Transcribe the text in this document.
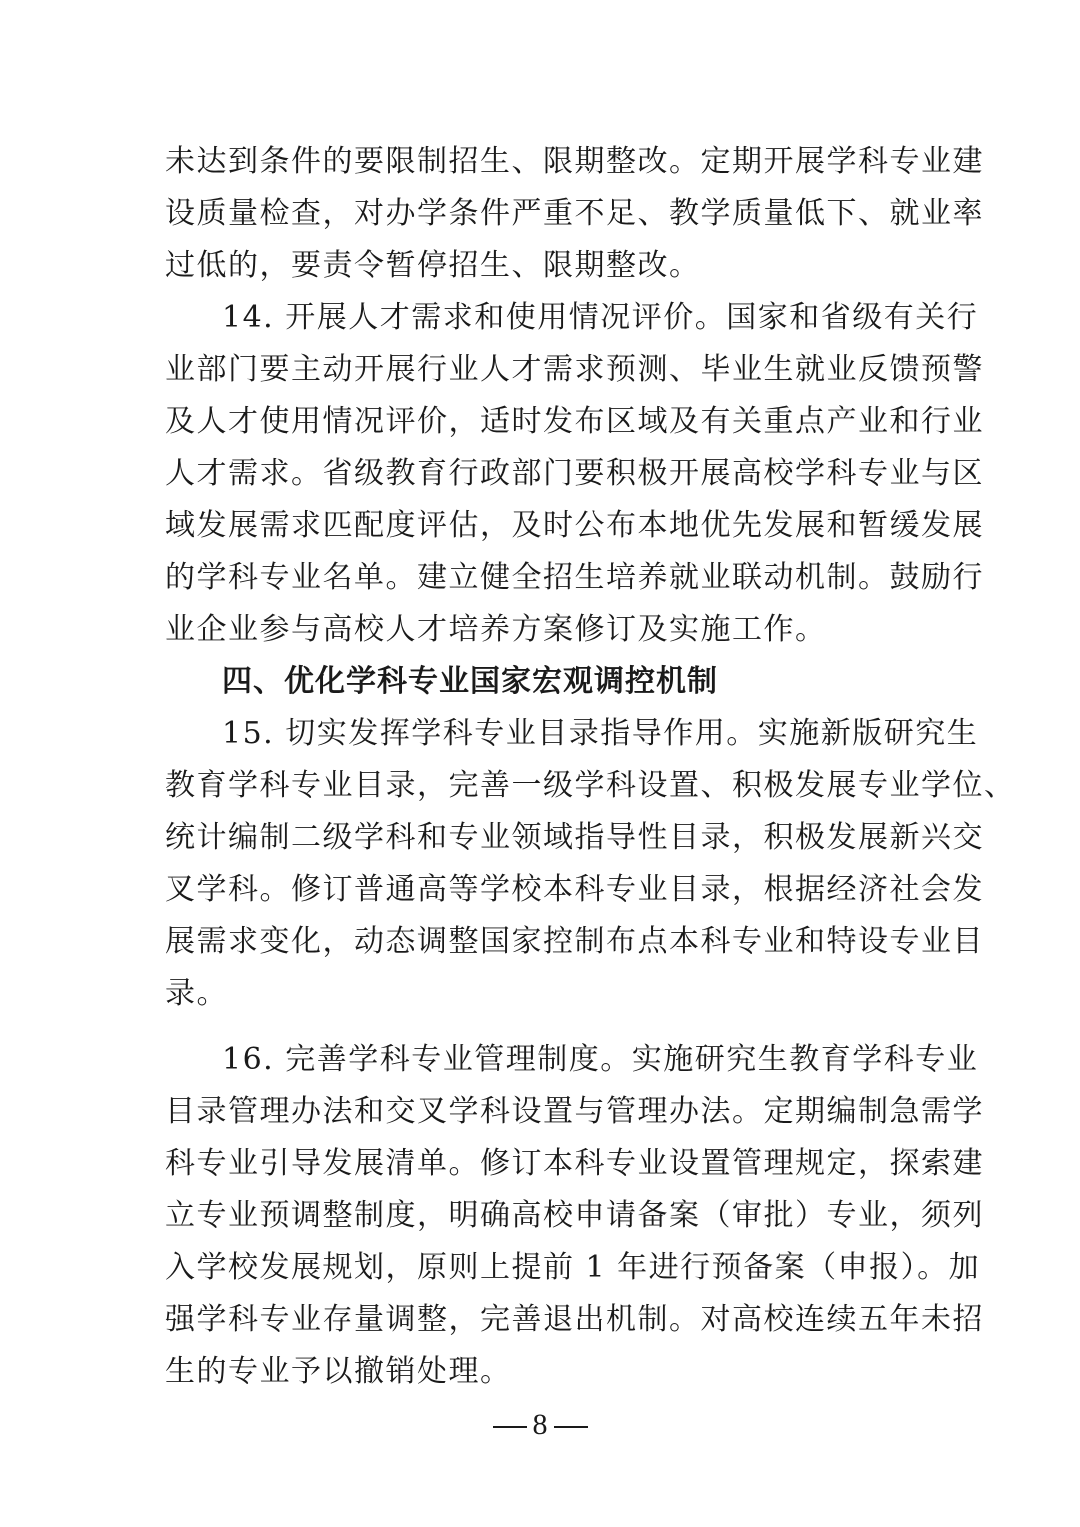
未达到条件的要限制招生、限期整改。定期开展学科专业建
设质量检查，对办学条件严重不足、教学质量低下、就业率
过低的，要责令暂停招生、限期整改。
14. 开展人才需求和使用情况评价。国家和省级有关行
业部门要主动开展行业人才需求预测、毕业生就业反馈预警
及人才使用情况评价，适时发布区域及有关重点产业和行业
人才需求。省级教育行政部门要积极开展高校学科专业与区
域发展需求匹配度评估，及时公布本地优先发展和暂缓发展
的学科专业名单。建立健全招生培养就业联动机制。鼓励行
业企业参与高校人才培养方案修订及实施工作。
四、优化学科专业国家宏观调控机制
15. 切实发挥学科专业目录指导作用。实施新版研究生
教育学科专业目录，完善一级学科设置、积极发展专业学位、
统计编制二级学科和专业领域指导性目录，积极发展新兴交
叉学科。修订普通高等学校本科专业目录，根据经济社会发
展需求变化，动态调整国家控制布点本科专业和特设专业目
录。
16. 完善学科专业管理制度。实施研究生教育学科专业
目录管理办法和交叉学科设置与管理办法。定期编制急需学
科专业引导发展清单。修订本科专业设置管理规定，探索建
立专业预调整制度，明确高校申请备案（审批）专业，须列
入学校发展规划，原则上提前 1 年进行预备案（申报）。加
强学科专业存量调整，完善退出机制。对高校连续五年未招
生的专业予以撤销处理。
8
